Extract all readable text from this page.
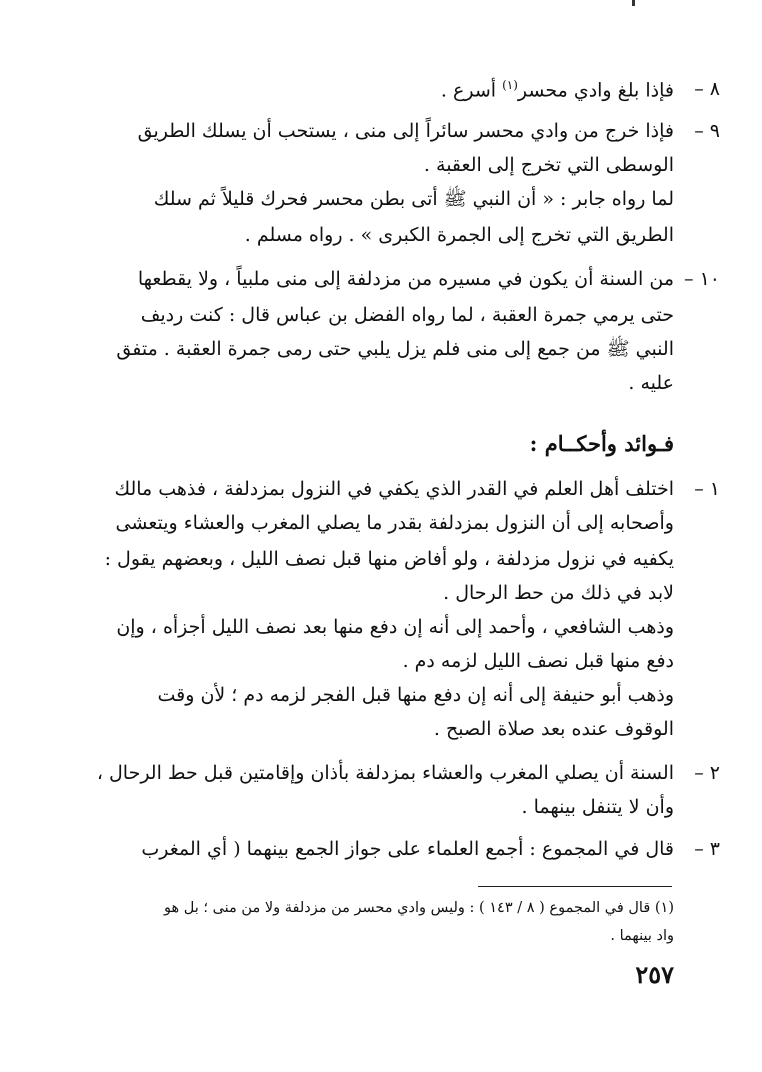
٨ –
فإذا بلغ وادي محسر$^{(١)}$ أسرع .
٩ –
فإذا خرج من وادي محسر سائراً إلى منى ، يستحب أن يسلك الطريق
الوسطى التي تخرج إلى العقبة .
لما رواه جابر : « أن النبي ﷺ أتى بطن محسر فحرك قليلاً ثم سلك
الطريق التي تخرج إلى الجمرة الكبرى » . رواه مسلم .
١٠ –
من السنة أن يكون في مسيره من مزدلفة إلى منى ملبياً ، ولا يقطعها
حتى يرمي جمرة العقبة ، لما رواه الفضل بن عباس قال : كنت رديف
النبي ﷺ من جمع إلى منى فلم يزل يلبي حتى رمى جمرة العقبة . متفق
عليه .
فـوائد وأحكــام :
١ –
اختلف أهل العلم في القدر الذي يكفي في النزول بمزدلفة ، فذهب مالك
وأصحابه إلى أن النزول بمزدلفة بقدر ما يصلي المغرب والعشاء ويتعشى
يكفيه في نزول مزدلفة ، ولو أفاض منها قبل نصف الليل ، وبعضهم يقول :
لابد في ذلك من حط الرحال .
وذهب الشافعي ، وأحمد إلى أنه إن دفع منها بعد نصف الليل أجزأه ، وإن
دفع منها قبل نصف الليل لزمه دم .
وذهب أبو حنيفة إلى أنه إن دفع منها قبل الفجر لزمه دم ؛ لأن وقت
الوقوف عنده بعد صلاة الصبح .
٢ –
السنة أن يصلي المغرب والعشاء بمزدلفة بأذان وإقامتين قبل حط الرحال ،
وأن لا يتنفل بينهما .
٣ –
قال في المجموع : أجمع العلماء على جواز الجمع بينهما ( أي المغرب
(١) قال في المجموع ( ٨ / ١٤٣ ) : وليس وادي محسر من مزدلفة ولا من منى ؛ بل هو
واد بينهما .
٢٥٧
